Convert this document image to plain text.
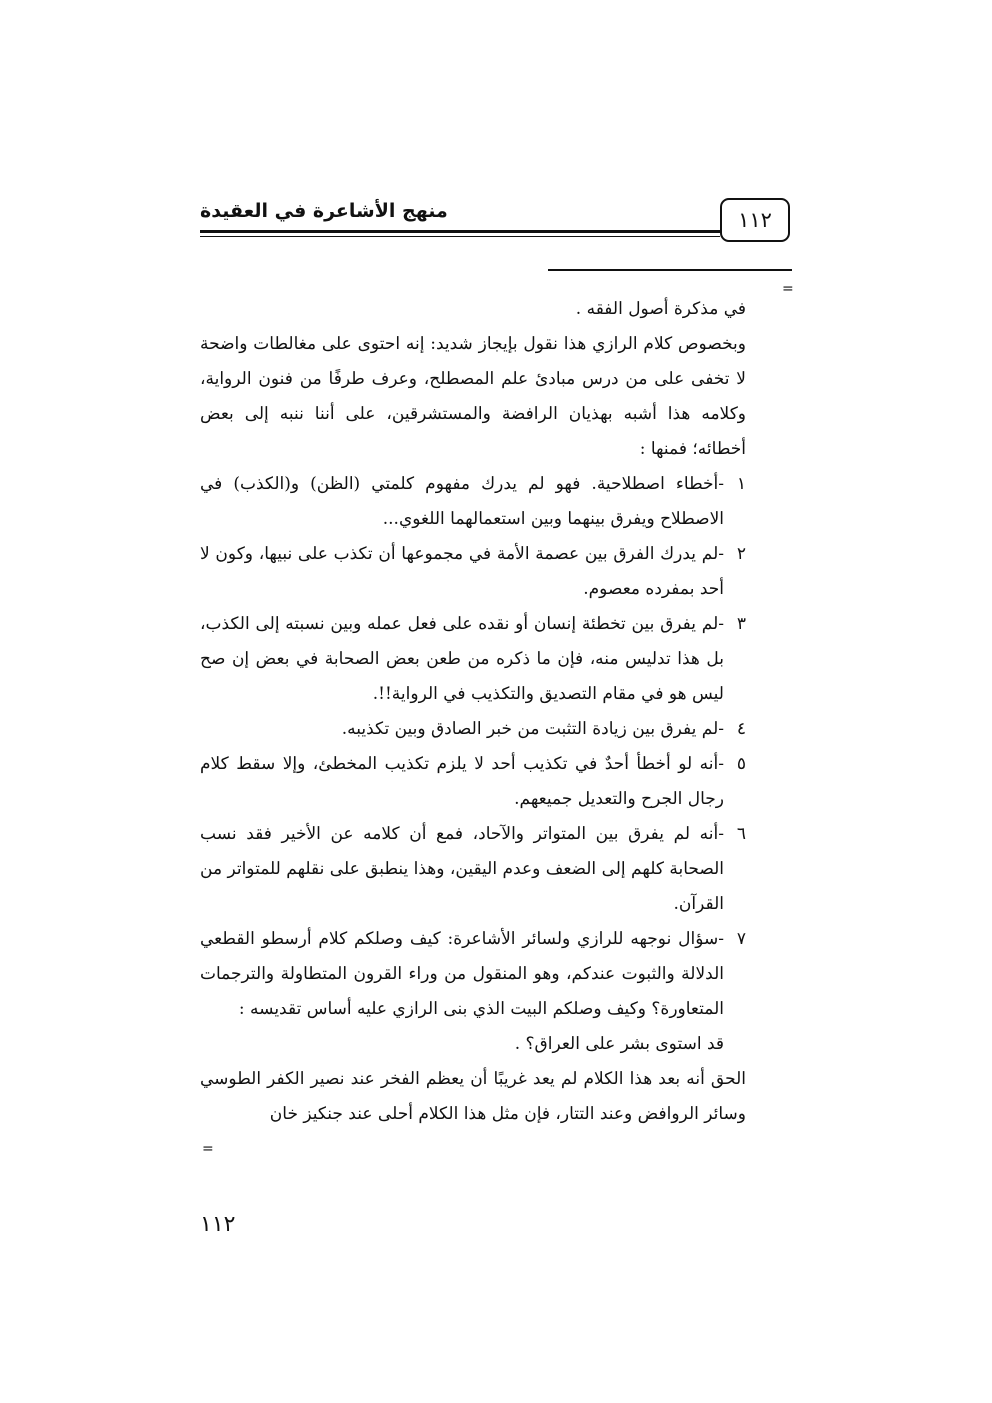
١١٢
منهج الأشاعرة في العقيدة
=

في مذكرة أصول الفقه .

وبخصوص كلام الرازي هذا نقول بإيجاز شديد: إنه احتوى على مغالطات واضحة لا تخفى على من درس مبادئ علم المصطلح، وعرف طرفًا من فنون الرواية، وكلامه هذا أشبه بهذيان الرافضة والمستشرقين، على أننا ننبه إلى بعض أخطائه؛ فمنها :

١
-أخطاء اصطلاحية. فهو لم يدرك مفهوم كلمتي (الظن) و(الكذب) في الاصطلاح ويفرق بينهما وبين استعمالهما اللغوي...
٢
-لم يدرك الفرق بين عصمة الأمة في مجموعها أن تكذب على نبيها، وكون لا أحد بمفرده معصوم.
٣
-لم يفرق بين تخطئة إنسان أو نقده على فعل عمله وبين نسبته إلى الكذب، بل هذا تدليس منه، فإن ما ذكره من طعن بعض الصحابة في بعض إن صح ليس هو في مقام التصديق والتكذيب في الرواية!!.
٤
-لم يفرق بين زيادة التثبت من خبر الصادق وبين تكذيبه.
٥
-أنه لو أخطأ أحدٌ في تكذيب أحد لا يلزم تكذيب المخطئ، وإلا سقط كلام رجال الجرح والتعديل جميعهم.
٦
-أنه لم يفرق بين المتواتر والآحاد، فمع أن كلامه عن الأخير فقد نسب الصحابة كلهم إلى الضعف وعدم اليقين، وهذا ينطبق على نقلهم للمتواتر من القرآن.
٧
-سؤال نوجهه للرازي ولسائر الأشاعرة: كيف وصلكم كلام أرسطو القطعي الدلالة والثبوت عندكم، وهو المنقول من وراء القرون المتطاولة والترجمات المتعاورة؟ وكيف وصلكم البيت الذي بنى الرازي عليه أساس تقديسه :

قد استوى بشر على العراق؟ .

الحق أنه بعد هذا الكلام لم يعد غريبًا أن يعظم الفخر عند نصير الكفر الطوسي وسائر الروافض وعند التتار، فإن مثل هذا الكلام أحلى عند جنكيز خان

=
١١٢
